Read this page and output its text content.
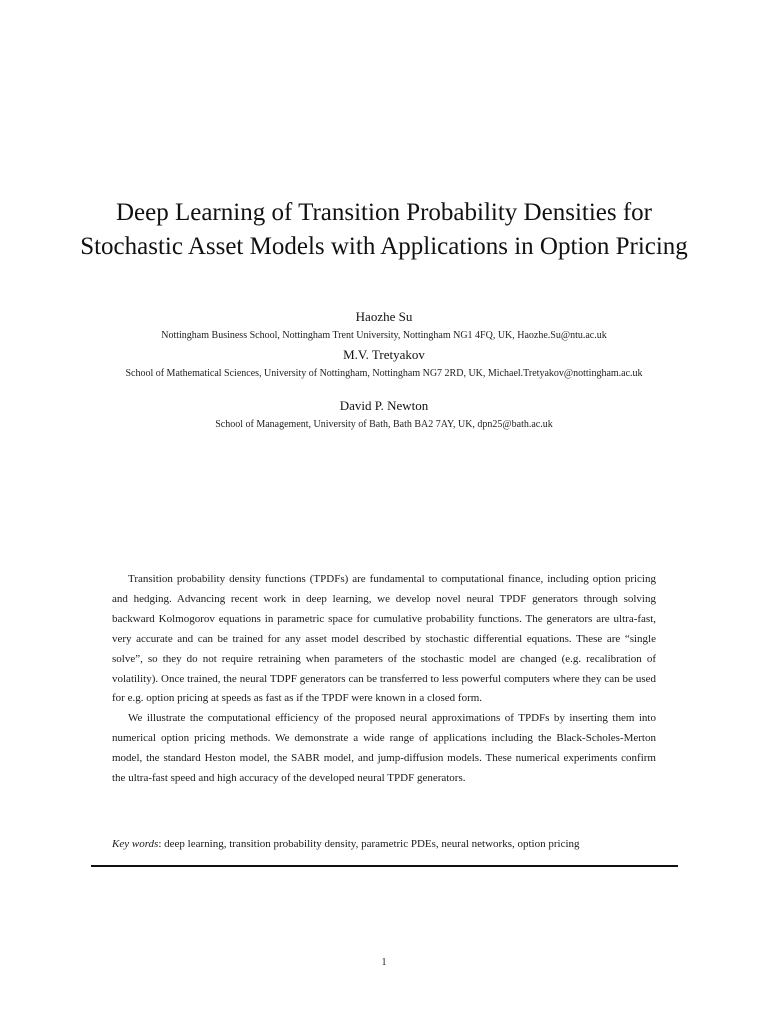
Deep Learning of Transition Probability Densities for Stochastic Asset Models with Applications in Option Pricing
Haozhe Su
Nottingham Business School, Nottingham Trent University, Nottingham NG1 4FQ, UK, Haozhe.Su@ntu.ac.uk
M.V. Tretyakov
School of Mathematical Sciences, University of Nottingham, Nottingham NG7 2RD, UK, Michael.Tretyakov@nottingham.ac.uk
David P. Newton
School of Management, University of Bath, Bath BA2 7AY, UK, dpn25@bath.ac.uk

Transition probability density functions (TPDFs) are fundamental to computational finance, including option pricing and hedging. Advancing recent work in deep learning, we develop novel neural TPDF generators through solving backward Kolmogorov equations in parametric space for cumulative probability functions. The generators are ultra-fast, very accurate and can be trained for any asset model described by stochastic differential equations. These are “single solve”, so they do not require retraining when parameters of the stochastic model are changed (e.g. recalibration of volatility). Once trained, the neural TDPF generators can be transferred to less powerful computers where they can be used for e.g. option pricing at speeds as fast as if the TPDF were known in a closed form.

We illustrate the computational efficiency of the proposed neural approximations of TPDFs by inserting them into numerical option pricing methods. We demonstrate a wide range of applications including the Black-Scholes-Merton model, the standard Heston model, the SABR model, and jump-diffusion models. These numerical experiments confirm the ultra-fast speed and high accuracy of the developed neural TPDF generators.

Key words: deep learning, transition probability density, parametric PDEs, neural networks, option pricing
1
